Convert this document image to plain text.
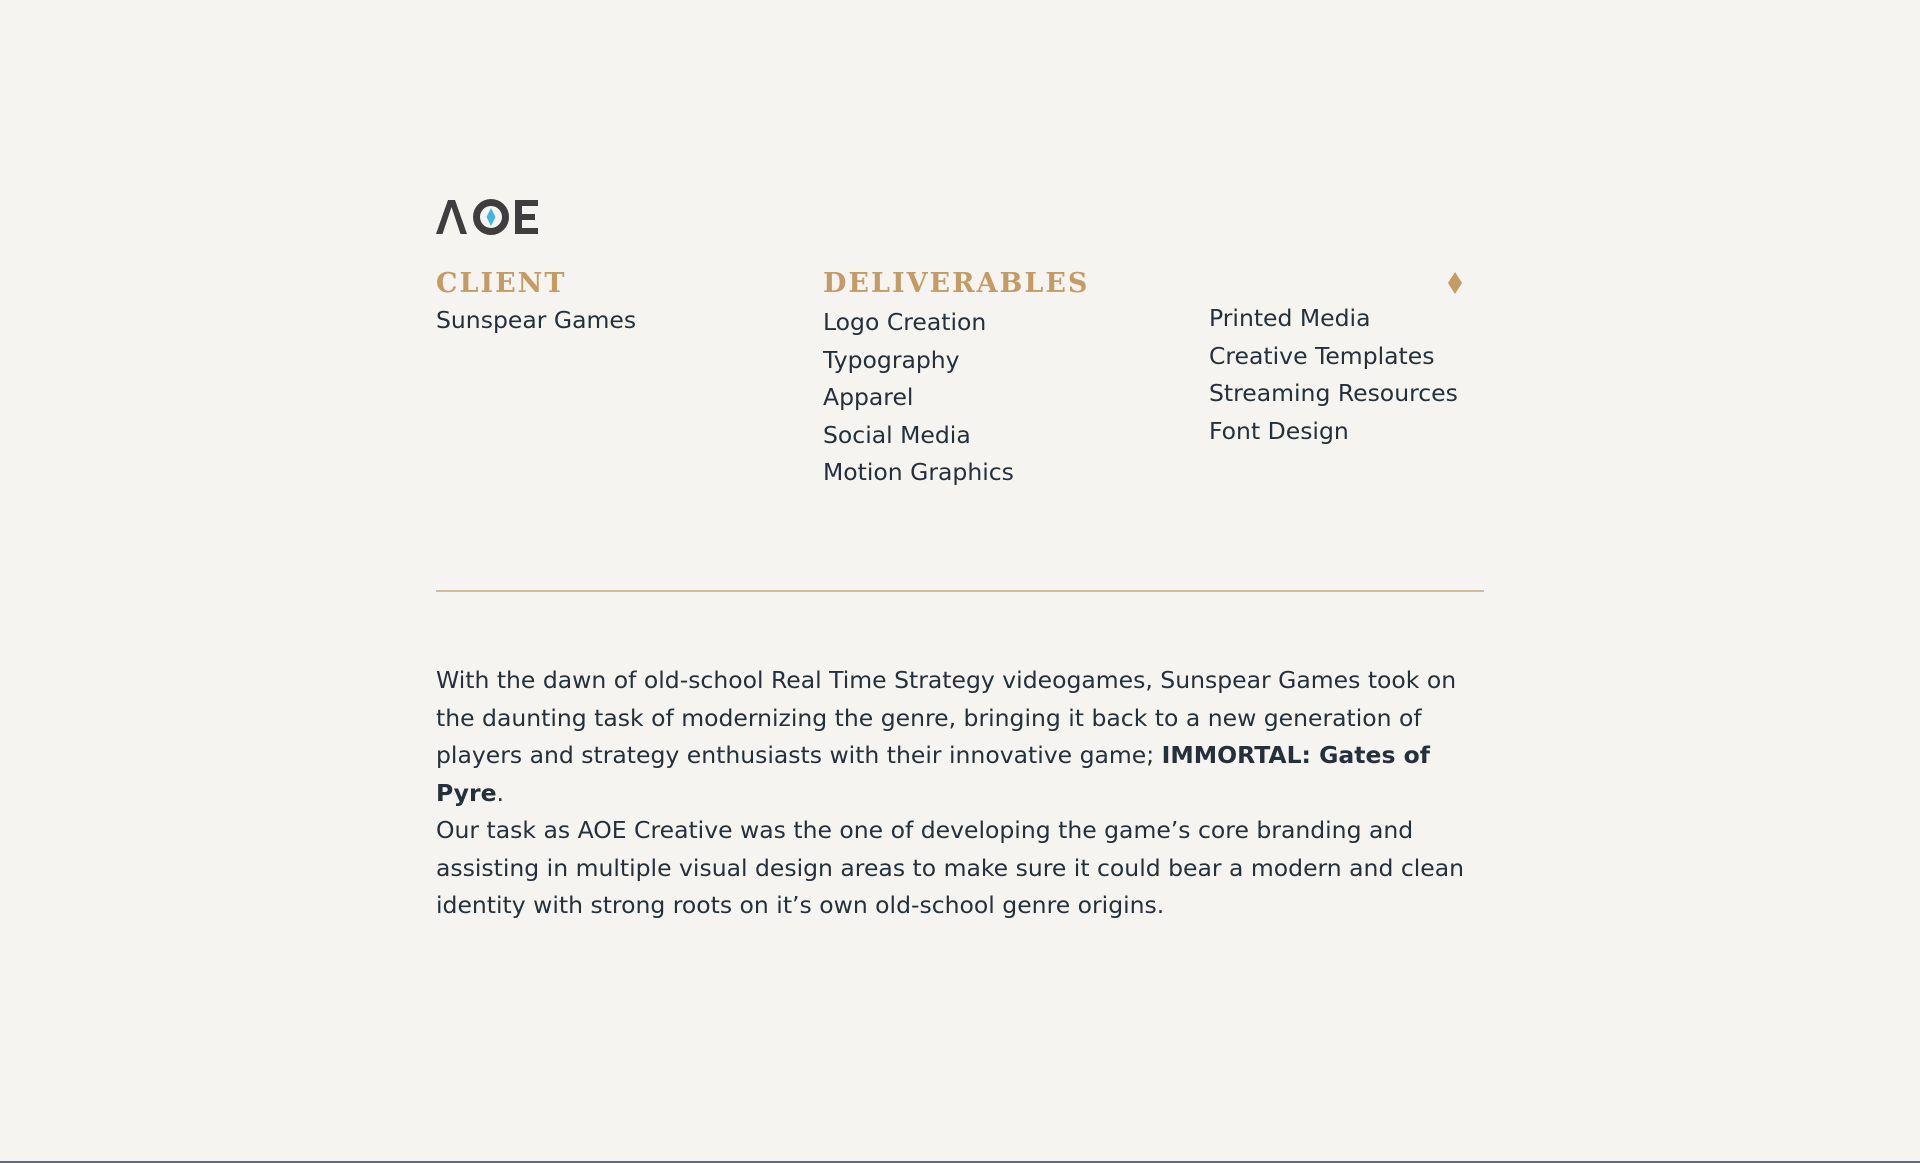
CLIENT	DELIVERABLES
Sunspear Games	Logo Creation
Typography
Apparel
Social Media
Motion Graphics
Printed Media
Creative Templates
Streaming Resources
Font Design

With the dawn of old-school Real Time Strategy videogames, Sunspear Games took on the daunting task of modernizing the genre, bringing it back to a new generation of players and strategy enthusiasts with their innovative game; IMMORTAL: Gates of Pyre.

Our task as AOE Creative was the one of developing the game’s core branding and assisting in multiple visual design areas to make sure it could bear a modern and clean identity with strong roots on it’s own old-school genre origins.
